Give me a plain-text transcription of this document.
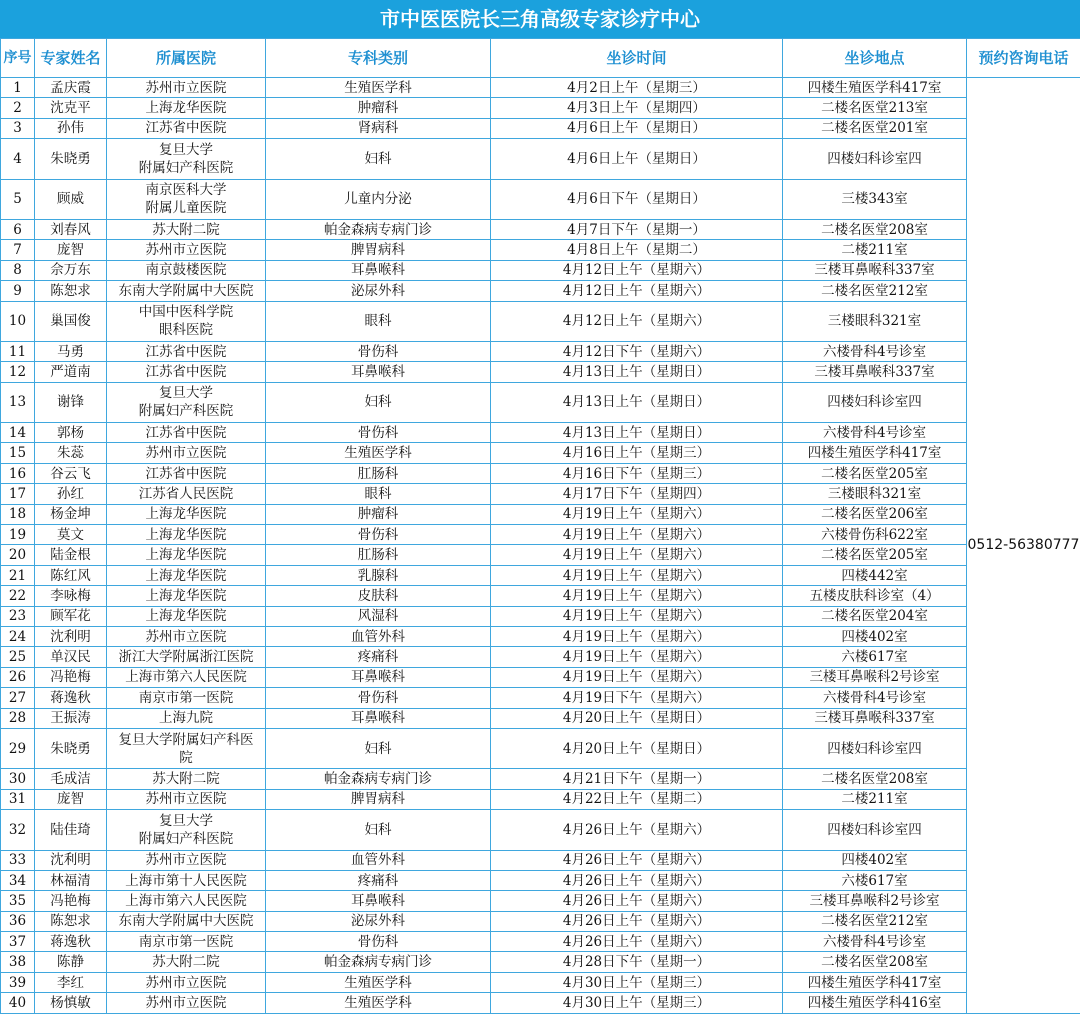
市中医医院长三角高级专家诊疗中心
序号	专家姓名	所属医院	专科类别	坐诊时间	坐诊地点	预约咨询电话
1	孟庆霞	苏州市立医院	生殖医学科	4月2日上午（星期三）	四楼生殖医学科417室	0512-56380777
2	沈克平	上海龙华医院	肿瘤科	4月3日上午（星期四）	二楼名医堂213室	
3	孙伟	江苏省中医院	肾病科	4月6日上午（星期日）	二楼名医堂201室	
4	朱晓勇	复旦大学
附属妇产科医院	妇科	4月6日上午（星期日）	四楼妇科诊室四	
5	顾威	南京医科大学
附属儿童医院	儿童内分泌	4月6日下午（星期日）	三楼343室	
6	刘春风	苏大附二院	帕金森病专病门诊	4月7日下午（星期一）	二楼名医堂208室	
7	庞智	苏州市立医院	脾胃病科	4月8日上午（星期二）	二楼211室	
8	佘万东	南京鼓楼医院	耳鼻喉科	4月12日上午（星期六）	三楼耳鼻喉科337室	
9	陈恕求	东南大学附属中大医院	泌尿外科	4月12日上午（星期六）	二楼名医堂212室	
10	巢国俊	中国中医科学院
眼科医院	眼科	4月12日上午（星期六）	三楼眼科321室	
11	马勇	江苏省中医院	骨伤科	4月12日下午（星期六）	六楼骨科4号诊室	
12	严道南	江苏省中医院	耳鼻喉科	4月13日上午（星期日）	三楼耳鼻喉科337室	
13	谢锋	复旦大学
附属妇产科医院	妇科	4月13日上午（星期日）	四楼妇科诊室四	
14	郭杨	江苏省中医院	骨伤科	4月13日上午（星期日）	六楼骨科4号诊室	
15	朱蕊	苏州市立医院	生殖医学科	4月16日上午（星期三）	四楼生殖医学科417室	
16	谷云飞	江苏省中医院	肛肠科	4月16日下午（星期三）	二楼名医堂205室	
17	孙红	江苏省人民医院	眼科	4月17日下午（星期四）	三楼眼科321室	
18	杨金坤	上海龙华医院	肿瘤科	4月19日上午（星期六）	二楼名医堂206室	
19	莫文	上海龙华医院	骨伤科	4月19日上午（星期六）	六楼骨伤科622室	
20	陆金根	上海龙华医院	肛肠科	4月19日上午（星期六）	二楼名医堂205室	
21	陈红风	上海龙华医院	乳腺科	4月19日上午（星期六）	四楼442室	
22	李咏梅	上海龙华医院	皮肤科	4月19日上午（星期六）	五楼皮肤科诊室（4）	
23	顾军花	上海龙华医院	风湿科	4月19日上午（星期六）	二楼名医堂204室	
24	沈利明	苏州市立医院	血管外科	4月19日上午（星期六）	四楼402室	
25	单汉民	浙江大学附属浙江医院	疼痛科	4月19日上午（星期六）	六楼617室	
26	冯艳梅	上海市第六人民医院	耳鼻喉科	4月19日上午（星期六）	三楼耳鼻喉科2号诊室	
27	蒋逸秋	南京市第一医院	骨伤科	4月19日下午（星期六）	六楼骨科4号诊室	
28	王振涛	上海九院	耳鼻喉科	4月20日上午（星期日）	三楼耳鼻喉科337室	
29	朱晓勇	复旦大学附属妇产科医
院	妇科	4月20日上午（星期日）	四楼妇科诊室四	
30	毛成洁	苏大附二院	帕金森病专病门诊	4月21日下午（星期一）	二楼名医堂208室	
31	庞智	苏州市立医院	脾胃病科	4月22日上午（星期二）	二楼211室	
32	陆佳琦	复旦大学
附属妇产科医院	妇科	4月26日上午（星期六）	四楼妇科诊室四	
33	沈利明	苏州市立医院	血管外科	4月26日上午（星期六）	四楼402室	
34	林福清	上海市第十人民医院	疼痛科	4月26日上午（星期六）	六楼617室	
35	冯艳梅	上海市第六人民医院	耳鼻喉科	4月26日上午（星期六）	三楼耳鼻喉科2号诊室	
36	陈恕求	东南大学附属中大医院	泌尿外科	4月26日上午（星期六）	二楼名医堂212室	
37	蒋逸秋	南京市第一医院	骨伤科	4月26日上午（星期六）	六楼骨科4号诊室	
38	陈静	苏大附二院	帕金森病专病门诊	4月28日下午（星期一）	二楼名医堂208室	
39	李红	苏州市立医院	生殖医学科	4月30日上午（星期三）	四楼生殖医学科417室	
40	杨慎敏	苏州市立医院	生殖医学科	4月30日上午（星期三）	四楼生殖医学科416室	
